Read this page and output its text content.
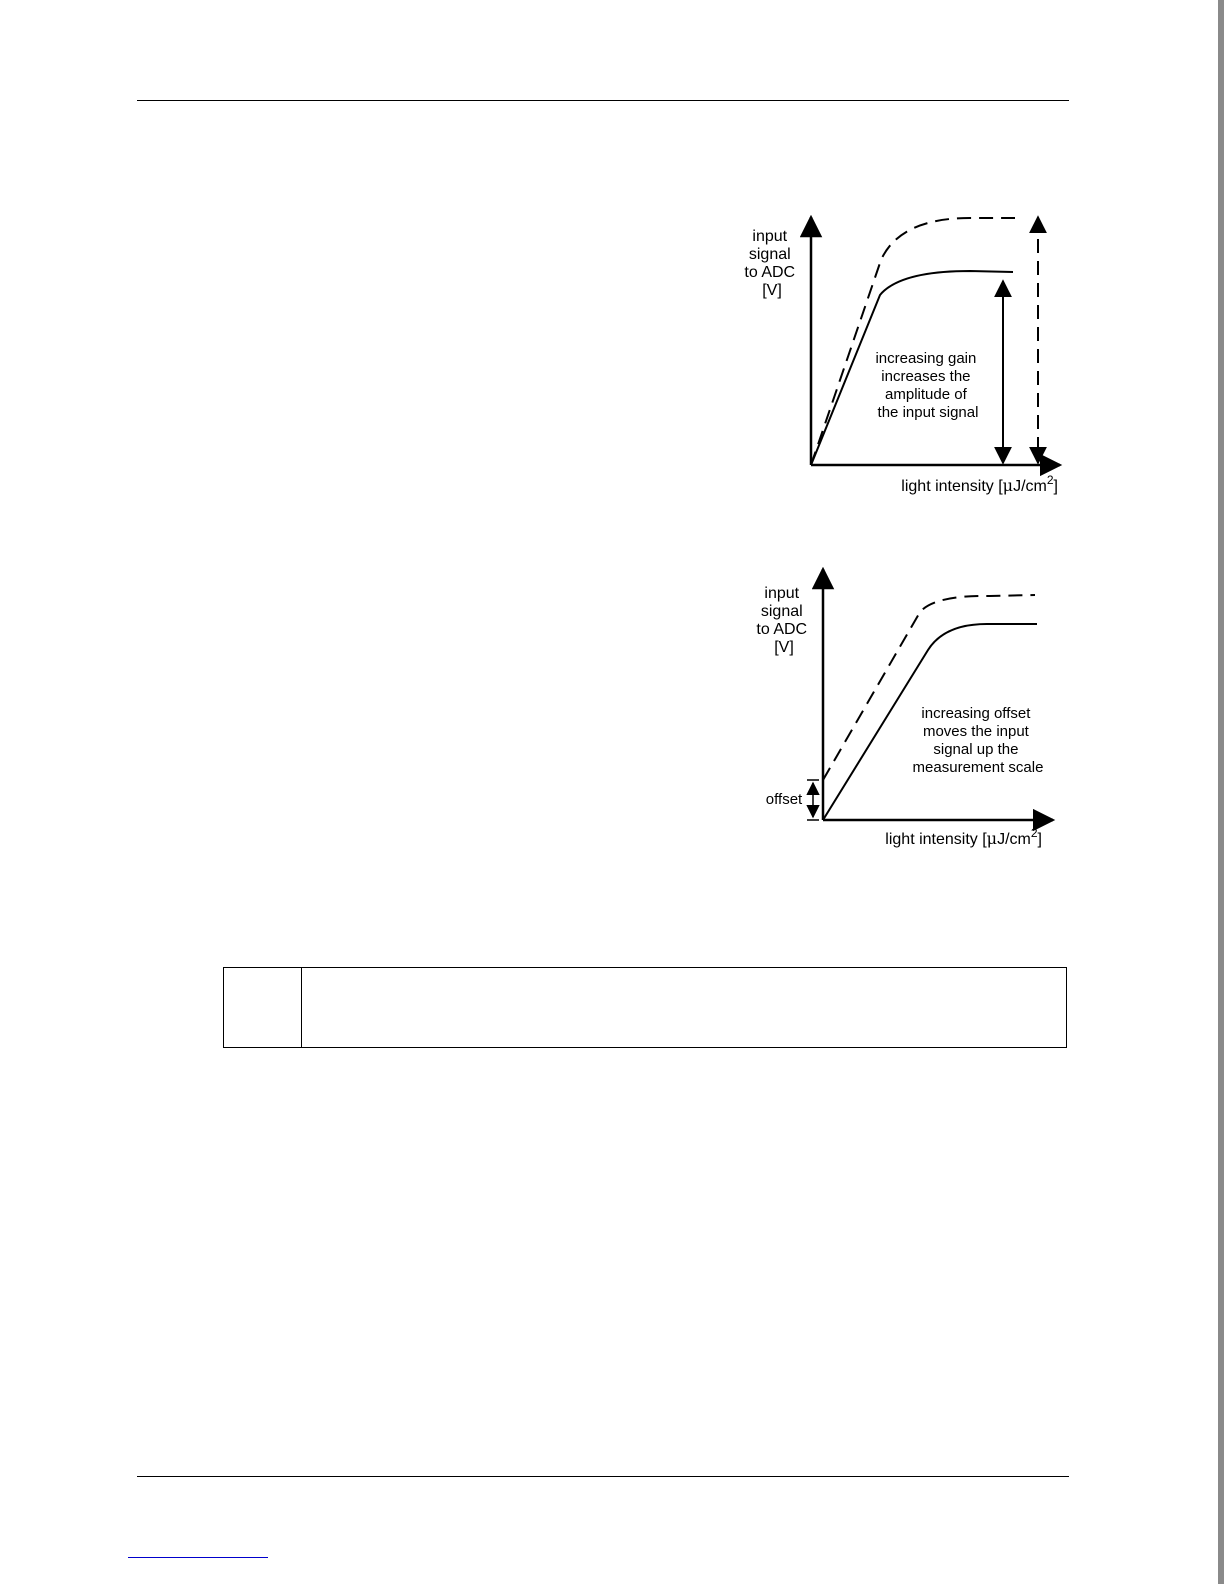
input signal to ADC [V]
increasing gain increases the amplitude of the input signal
light intensity $[\mu J/cm^2]$
offset
input signal to ADC [V]
increasing offset moves the input signal up the measurement scale
light intensity $[\mu J/cm^2]$
